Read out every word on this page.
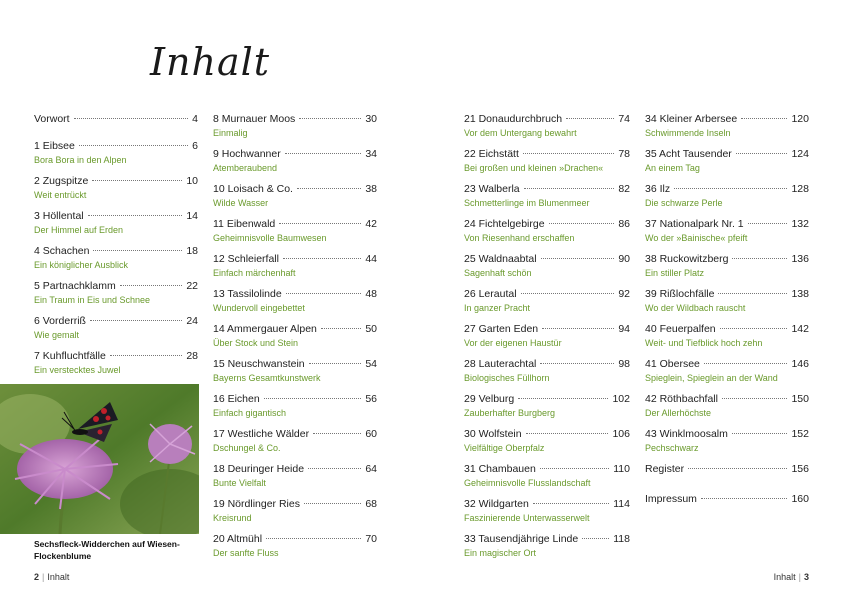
Inhalt
Vorwort	4
1 Eibsee	6
Bora Bora in den Alpen
2 Zugspitze	10
Weit entrückt
3 Höllental	14
Der Himmel auf Erden
4 Schachen	18
Ein königlicher Ausblick
5 Partnachklamm	22
Ein Traum in Eis und Schnee
6 Vorderriß	24
Wie gemalt
7 Kuhfluchtfälle	28
Ein verstecktes Juwel
8 Murnauer Moos	30
Einmalig
9 Hochwanner	34
Atemberaubend
10 Loisach & Co.	38
Wilde Wasser
11 Eibenwald	42
Geheimnisvolle Baumwesen
12 Schleierfall	44
Einfach märchenhaft
13 Tassilolinde	48
Wundervoll eingebettet
14 Ammergauer Alpen	50
Über Stock und Stein
15 Neuschwanstein	54
Bayerns Gesamtkunstwerk
16 Eichen	56
Einfach gigantisch
17 Westliche Wälder	60
Dschungel & Co.
18 Deuringer Heide	64
Bunte Vielfalt
19 Nördlinger Ries	68
Kreisrund
20 Altmühl	70
Der sanfte Fluss
21 Donaudurchbruch	74
Vor dem Untergang bewahrt
22 Eichstätt	78
Bei großen und kleinen »Drachen«
23 Walberla	82
Schmetterlinge im Blumenmeer
24 Fichtelgebirge	86
Von Riesenhand erschaffen
25 Waldnaabtal	90
Sagenhaft schön
26 Lerautal	92
In ganzer Pracht
27 Garten Eden	94
Vor der eigenen Haustür
28 Lauterachtal	98
Biologisches Füllhorn
29 Velburg	102
Zauberhafter Burgberg
30 Wolfstein	106
Vielfältige Oberpfalz
31 Chambauen	110
Geheimnisvolle Flusslandschaft
32 Wildgarten	114
Faszinierende Unterwasserwelt
33 Tausendjährige Linde	118
Ein magischer Ort
34 Kleiner Arbersee	120
Schwimmende Inseln
35 Acht Tausender	124
An einem Tag
36 Ilz	128
Die schwarze Perle
37 Nationalpark Nr. 1	132
Wo der »Bainische« pfeift
38 Ruckowitzberg	136
Ein stiller Platz
39 Rißlochfälle	138
Wo der Wildbach rauscht
40 Feuerpalfen	142
Weit- und Tiefblick hoch zehn
41 Obersee	146
Spieglein, Spieglein an der Wand
42 Röthbachfall	150
Der Allerhöchste
43 Winklmoosalm	152
Pechschwarz
Register	156
Impressum	160

Sechsfleck-Widderchen auf Wiesen-Flockenblume

2 | Inhalt	Inhalt | 3
